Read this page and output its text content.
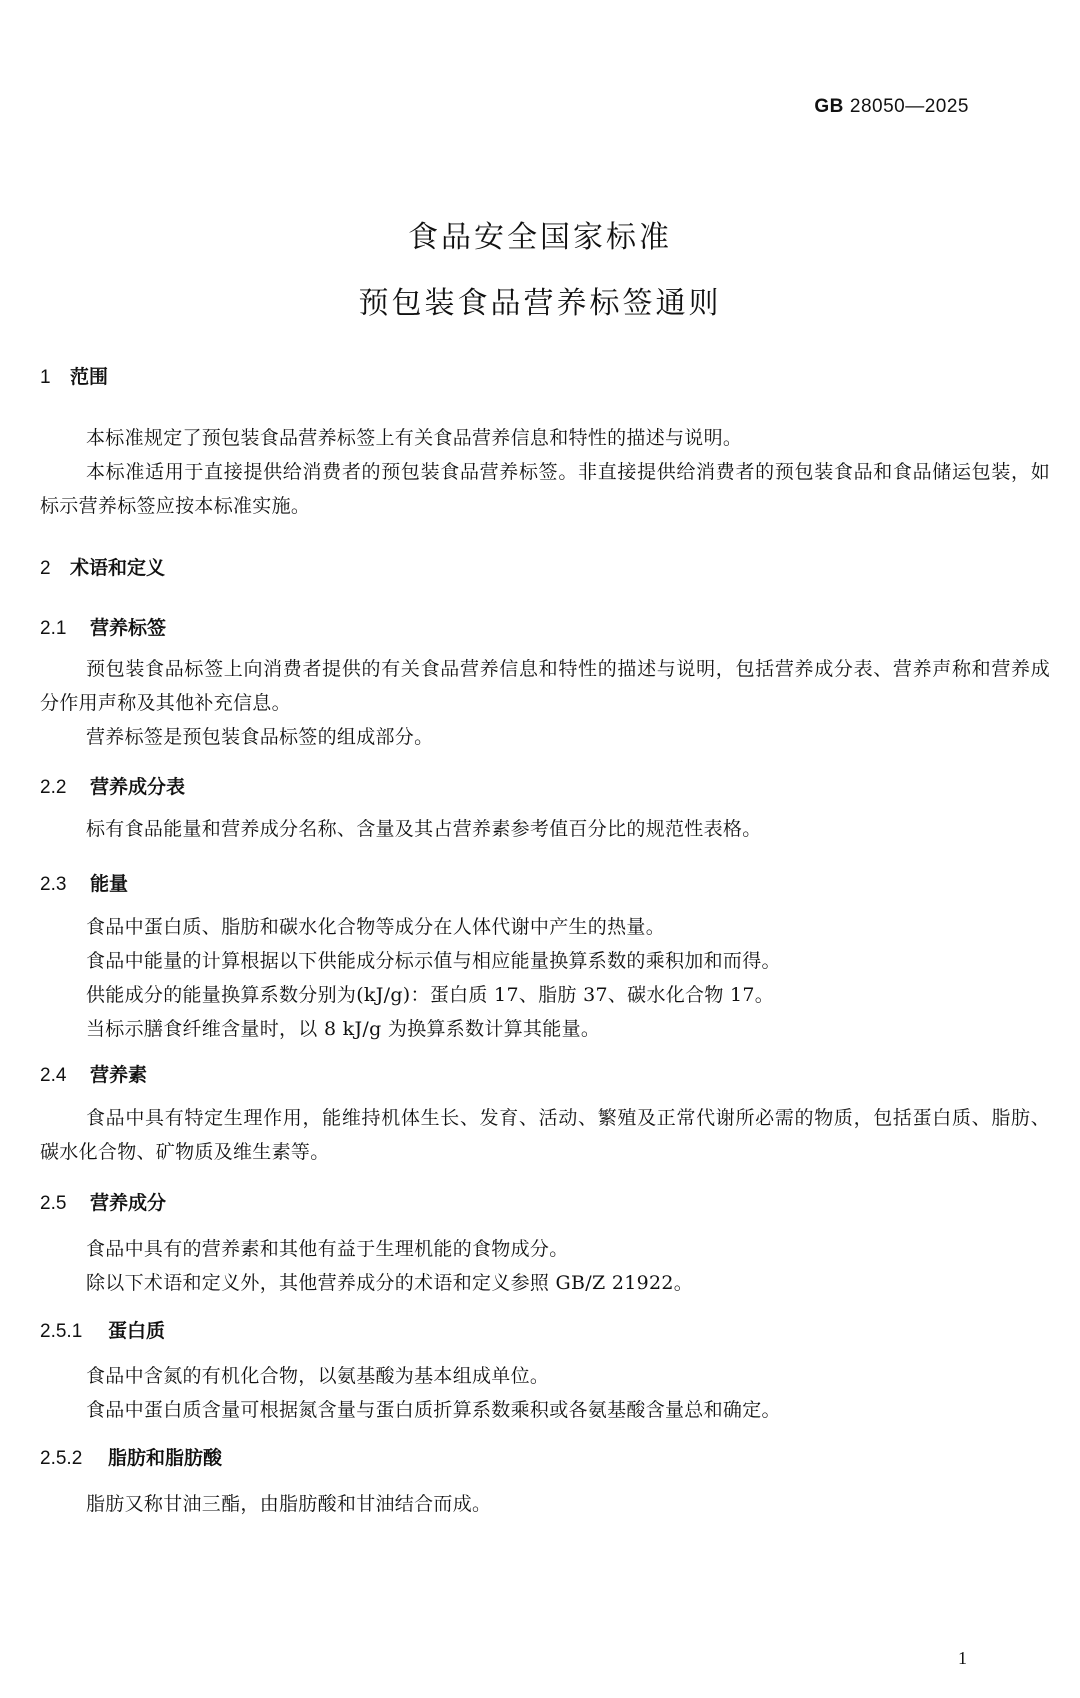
GB 28050—2025
食品安全国家标准
预包装食品营养标签通则
1 范围

本标准规定了预包装食品营养标签上有关食品营养信息和特性的描述与说明。

本标准适用于直接提供给消费者的预包装食品营养标签。非直接提供给消费者的预包装食品和食品储运包装，如标示营养标签应按本标准实施。

2 术语和定义
2.1 营养标签

预包装食品标签上向消费者提供的有关食品营养信息和特性的描述与说明，包括营养成分表、营养声称和营养成分作用声称及其他补充信息。

营养标签是预包装食品标签的组成部分。

2.2 营养成分表

标有食品能量和营养成分名称、含量及其占营养素参考值百分比的规范性表格。

2.3 能量

食品中蛋白质、脂肪和碳水化合物等成分在人体代谢中产生的热量。

食品中能量的计算根据以下供能成分标示值与相应能量换算系数的乘积加和而得。

供能成分的能量换算系数分别为(kJ/g)：蛋白质 17、脂肪 37、碳水化合物 17。

当标示膳食纤维含量时，以 8 kJ/g 为换算系数计算其能量。

2.4 营养素

食品中具有特定生理作用，能维持机体生长、发育、活动、繁殖及正常代谢所必需的物质，包括蛋白质、脂肪、碳水化合物、矿物质及维生素等。

2.5 营养成分

食品中具有的营养素和其他有益于生理机能的食物成分。

除以下术语和定义外，其他营养成分的术语和定义参照 GB/Z 21922。

2.5.1 蛋白质

食品中含氮的有机化合物，以氨基酸为基本组成单位。

食品中蛋白质含量可根据氮含量与蛋白质折算系数乘积或各氨基酸含量总和确定。

2.5.2 脂肪和脂肪酸

脂肪又称甘油三酯，由脂肪酸和甘油结合而成。

1
